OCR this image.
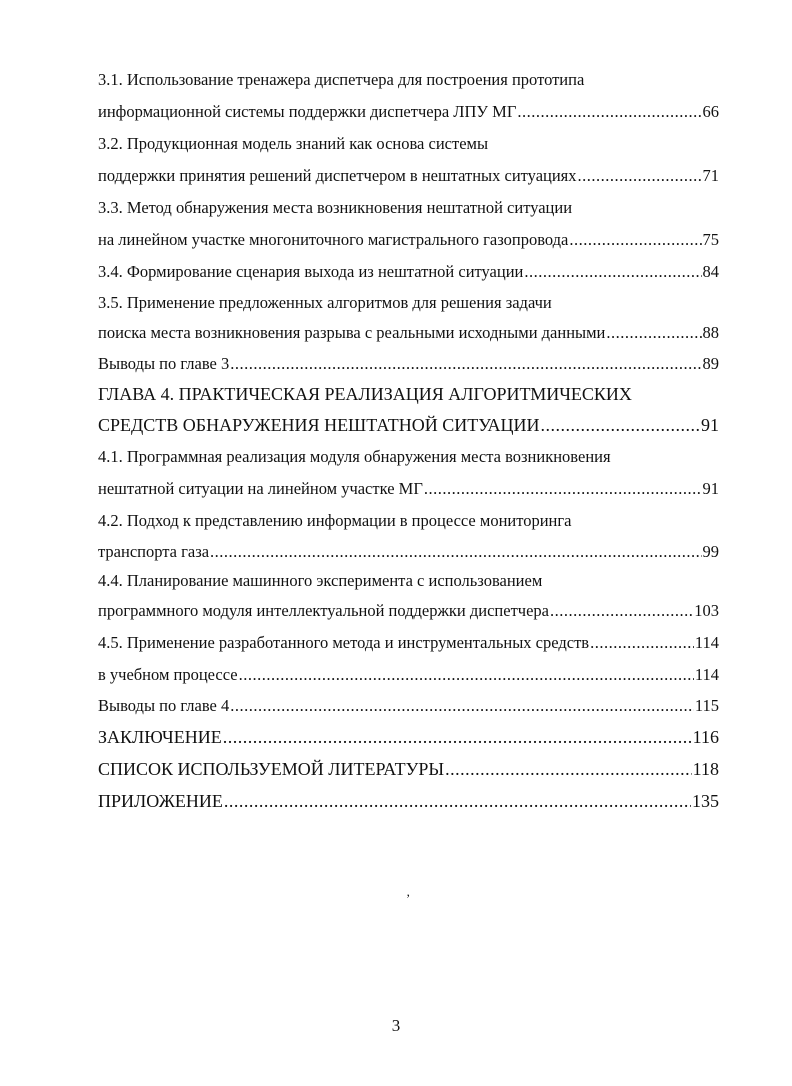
3.1. Использование тренажера диспетчера для построения прототипа
информационной системы поддержки диспетчера ЛПУ МГ .....	66
3.2. Продукционная модель знаний как основа системы
поддержки принятия решений диспетчером в нештатных ситуациях .....	71
3.3. Метод обнаружения места возникновения нештатной ситуации
на линейном участке многониточного магистрального газопровода .....	75
3.4. Формирование сценария выхода из нештатной ситуации .....	84
3.5. Применение предложенных алгоритмов для решения задачи
поиска места возникновения разрыва с реальными исходными данными .....	88
Выводы по главе 3 .....	89
ГЛАВА 4. ПРАКТИЧЕСКАЯ РЕАЛИЗАЦИЯ АЛГОРИТМИЧЕСКИХ
СРЕДСТВ ОБНАРУЖЕНИЯ НЕШТАТНОЙ СИТУАЦИИ .....	91
4.1. Программная реализация модуля обнаружения места возникновения
нештатной ситуации на линейном участке МГ .....	91
4.2. Подход к представлению информации в процессе мониторинга
транспорта газа .....	99
4.4. Планирование машинного эксперимента с использованием
программного модуля интеллектуальной поддержки диспетчера .....	103
4.5. Применение разработанного метода и инструментальных средств .....	114
в учебном процессе .....	114
Выводы по главе 4 .....	115
ЗАКЛЮЧЕНИЕ .....	116
СПИСОК ИСПОЛЬЗУЕМОЙ ЛИТЕРАТУРЫ .....	118
ПРИЛОЖЕНИЕ .....	135
‚
3
